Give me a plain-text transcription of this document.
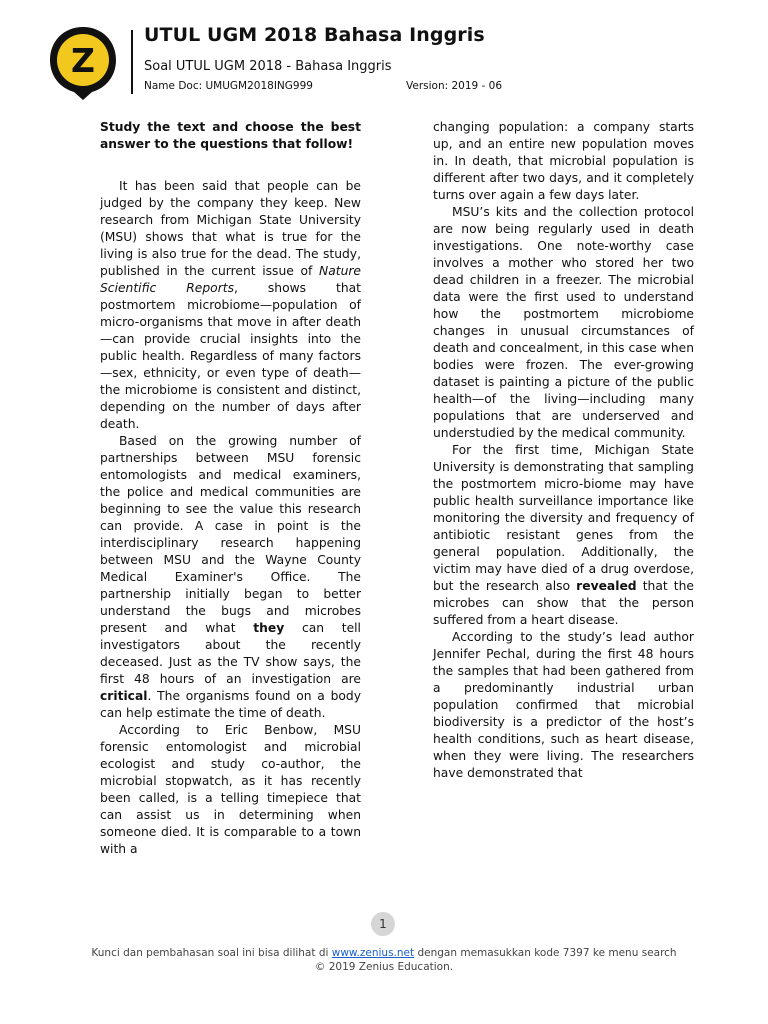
Z
UTUL UGM 2018 Bahasa Inggris
Soal UTUL UGM 2018 - Bahasa Inggris
Name Doc: UMUGM2018ING999	Version: 2019 - 06

Study the text and choose the best answer to the questions that follow!

It has been said that people can be judged by the company they keep. New research from Michigan State University (MSU) shows that what is true for the living is also true for the dead. The study, published in the current issue of Nature Scientific Reports, shows that postmortem microbiome—population of micro-organisms that move in after death—can provide crucial insights into the public health. Regardless of many factors—sex, ethnicity, or even type of death—the microbiome is consistent and distinct, depending on the number of days after death.

Based on the growing number of partnerships between MSU forensic entomologists and medical examiners, the police and medical communities are beginning to see the value this research can provide. A case in point is the interdisciplinary research happening between MSU and the Wayne County Medical Examiner's Office. The partnership initially began to better understand the bugs and microbes present and what they can tell investigators about the recently deceased. Just as the TV show says, the first 48 hours of an investigation are critical. The organisms found on a body can help estimate the time of death.

According to Eric Benbow, MSU forensic entomologist and microbial ecologist and study co-author, the microbial stopwatch, as it has recently been called, is a telling timepiece that can assist us in determining when someone died. It is comparable to a town with a

changing population: a company starts up, and an entire new population moves in. In death, that microbial population is different after two days, and it completely turns over again a few days later.

MSU’s kits and the collection protocol are now being regularly used in death investigations. One note-worthy case involves a mother who stored her two dead children in a freezer. The microbial data were the first used to understand how the postmortem microbiome changes in unusual circumstances of death and concealment, in this case when bodies were frozen. The ever-growing dataset is painting a picture of the public health—of the living—including many populations that are underserved and understudied by the medical community.

For the first time, Michigan State University is demonstrating that sampling the postmortem micro-biome may have public health surveillance importance like monitoring the diversity and frequency of antibiotic resistant genes from the general population. Additionally, the victim may have died of a drug overdose, but the research also revealed that the microbes can show that the person suffered from a heart disease.

According to the study’s lead author Jennifer Pechal, during the first 48 hours the samples that had been gathered from a predominantly industrial urban population confirmed that microbial biodiversity is a predictor of the host’s health conditions, such as heart disease, when they were living. The researchers have demonstrated that

1
Kunci dan pembahasan soal ini bisa dilihat di www.zenius.net dengan memasukkan kode 7397 ke menu search
© 2019 Zenius Education.
